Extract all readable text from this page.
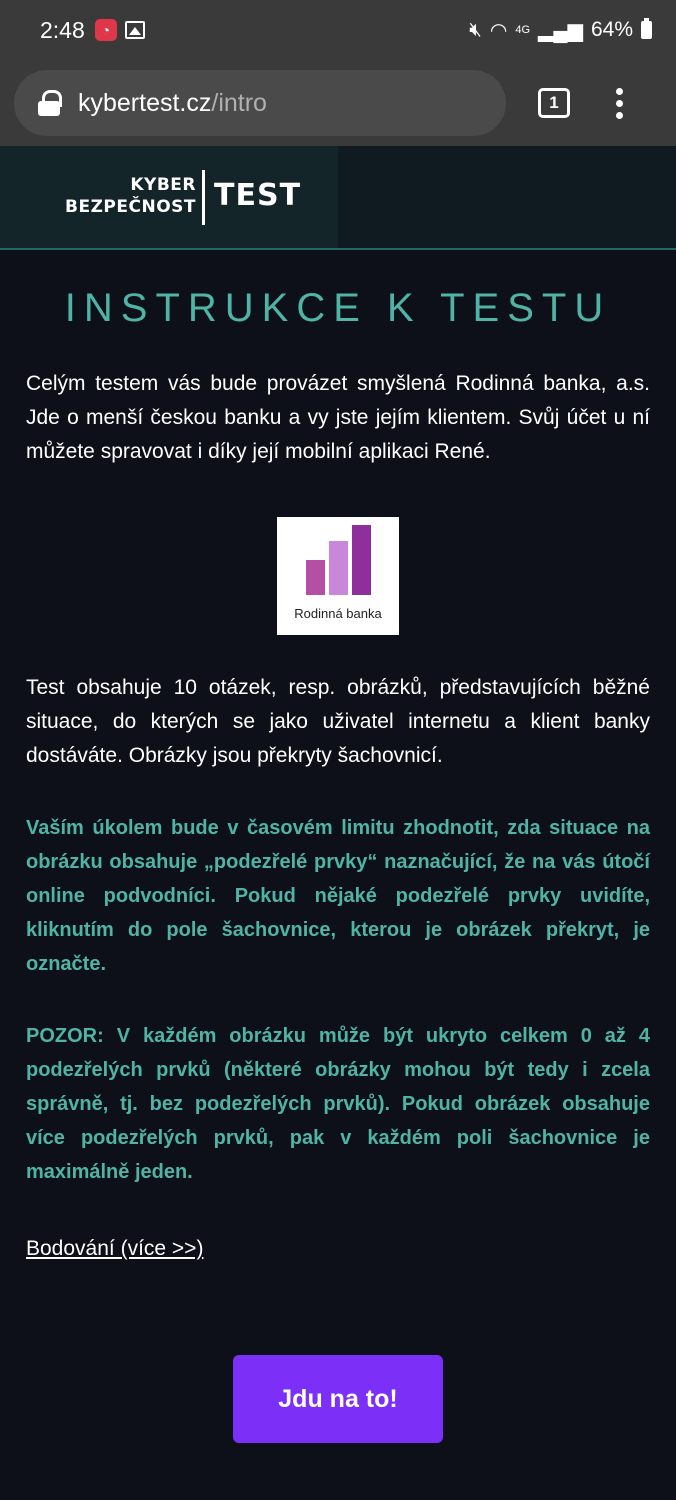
2:48	◔	🔇︎ ◠ 4G ▂▄▆ 64%
kybertest.cz /intro	1
KYBER
BEZPEČNOST TEST
INSTRUKCE K TESTU

Celým testem vás bude provázet smyšlená Rodinná banka, a.s. Jde o menší českou banku a vy jste jejím klientem. Svůj účet u ní můžete spravovat i díky její mobilní aplikaci René.

Rodinná banka

Test obsahuje 10 otázek, resp. obrázků, představujících běžné situace, do kterých se jako uživatel internetu a klient banky dostáváte. Obrázky jsou překryty šachovnicí.

Vaším úkolem bude v časovém limitu zhodnotit, zda situace na obrázku obsahuje „podezřelé prvky“ naznačující, že na vás útočí online podvodníci. Pokud nějaké podezřelé prvky uvidíte, kliknutím do pole šachovnice, kterou je obrázek překryt, je označte.

POZOR: V každém obrázku může být ukryto celkem 0 až 4 podezřelých prvků (některé obrázky mohou být tedy i zcela správně, tj. bez podezřelých prvků). Pokud obrázek obsahuje více podezřelých prvků, pak v každém poli šachovnice je maximálně jeden.

Bodování (více >>)
Jdu na to!
